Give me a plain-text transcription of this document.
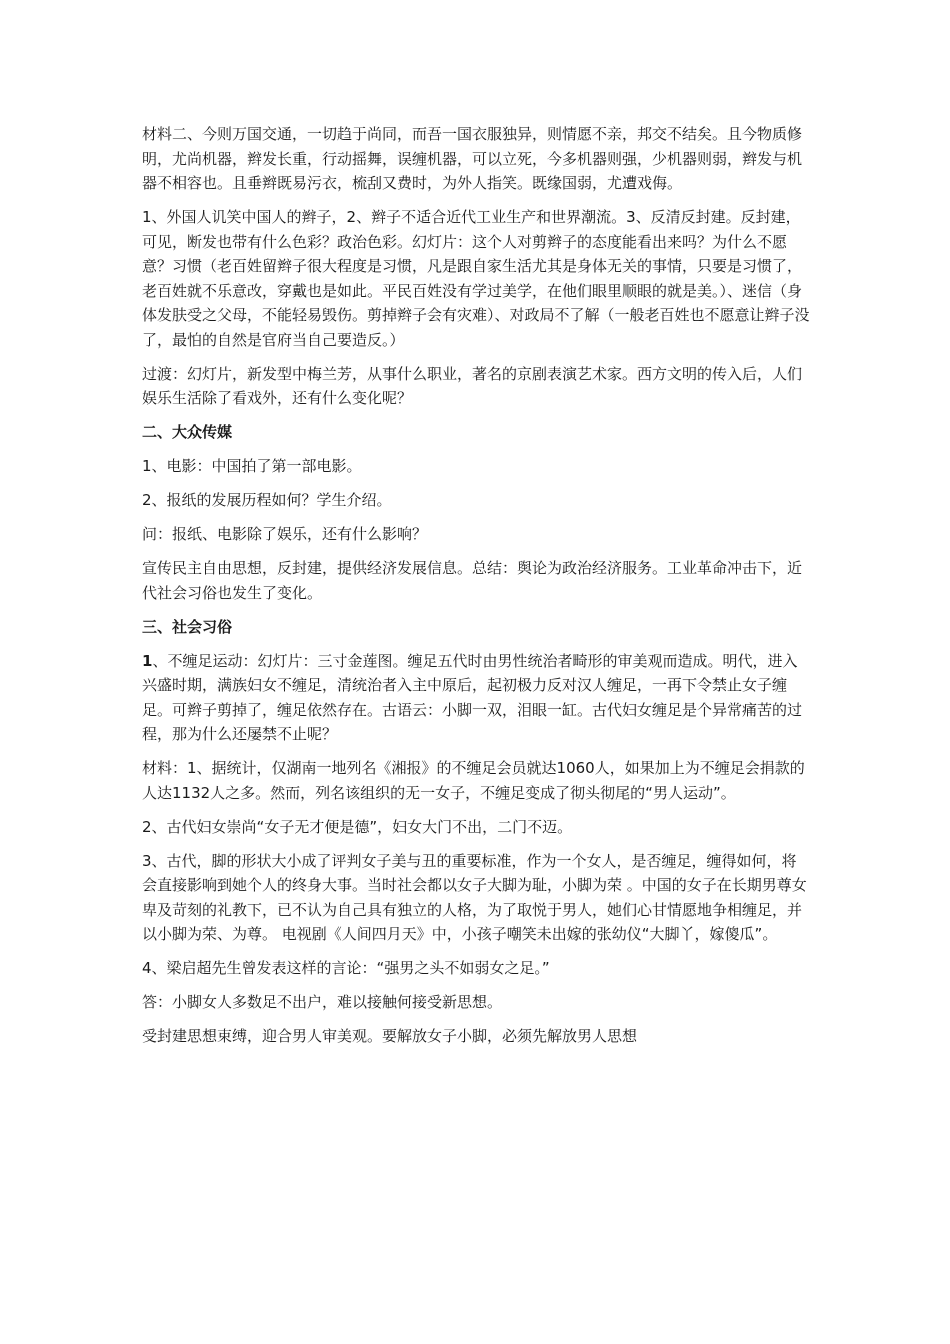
材料二、今则万国交通，一切趋于尚同，而吾一国衣服独异，则情愿不亲，邦交不结矣。且今物质修明，尤尚机器，辫发长重，行动摇舞，误缠机器，可以立死，今多机器则强，少机器则弱，辫发与机器不相容也。且垂辫既易污衣，梳刮又费时，为外人指笑。既缘国弱，尤遭戏侮。

1、外国人讥笑中国人的辫子，2、辫子不适合近代工业生产和世界潮流。3、反清反封建。反封建，可见，断发也带有什么色彩？政治色彩。幻灯片：这个人对剪辫子的态度能看出来吗？为什么不愿意？习惯（老百姓留辫子很大程度是习惯，凡是跟自家生活尤其是身体无关的事情，只要是习惯了，老百姓就不乐意改，穿戴也是如此。平民百姓没有学过美学，在他们眼里顺眼的就是美。）、迷信（身体发肤受之父母，不能轻易毁伤。剪掉辫子会有灾难）、对政局不了解（一般老百姓也不愿意让辫子没了，最怕的自然是官府当自己要造反。）

过渡：幻灯片，新发型中梅兰芳，从事什么职业，著名的京剧表演艺术家。西方文明的传入后，人们娱乐生活除了看戏外，还有什么变化呢？

二、大众传媒

1、电影：中国拍了第一部电影。

2、报纸的发展历程如何？学生介绍。

问：报纸、电影除了娱乐，还有什么影响？

宣传民主自由思想，反封建，提供经济发展信息。总结：舆论为政治经济服务。工业革命冲击下，近代社会习俗也发生了变化。

三、社会习俗

1、不缠足运动：幻灯片：三寸金莲图。缠足五代时由男性统治者畸形的审美观而造成。明代，进入兴盛时期，满族妇女不缠足，清统治者入主中原后，起初极力反对汉人缠足，一再下令禁止女子缠足。可辫子剪掉了，缠足依然存在。古语云：小脚一双，泪眼一缸。古代妇女缠足是个异常痛苦的过程，那为什么还屡禁不止呢？

材料：1、据统计，仅湖南一地列名《湘报》的不缠足会员就达1060人，如果加上为不缠足会捐款的人达1132人之多。然而，列名该组织的无一女子，不缠足变成了彻头彻尾的“男人运动”。

2、古代妇女崇尚“女子无才便是德”，妇女大门不出，二门不迈。

3、古代，脚的形状大小成了评判女子美与丑的重要标准，作为一个女人，是否缠足，缠得如何，将会直接影响到她个人的终身大事。当时社会都以女子大脚为耻，小脚为荣 。中国的女子在长期男尊女卑及苛刻的礼教下，已不认为自己具有独立的人格，为了取悦于男人，她们心甘情愿地争相缠足，并以小脚为荣、为尊。 电视剧《人间四月天》中，小孩子嘲笑未出嫁的张幼仪“大脚丫，嫁傻瓜”。

4、梁启超先生曾发表这样的言论：“强男之头不如弱女之足。”

答：小脚女人多数足不出户，难以接触何接受新思想。

受封建思想束缚，迎合男人审美观。要解放女子小脚，必须先解放男人思想
